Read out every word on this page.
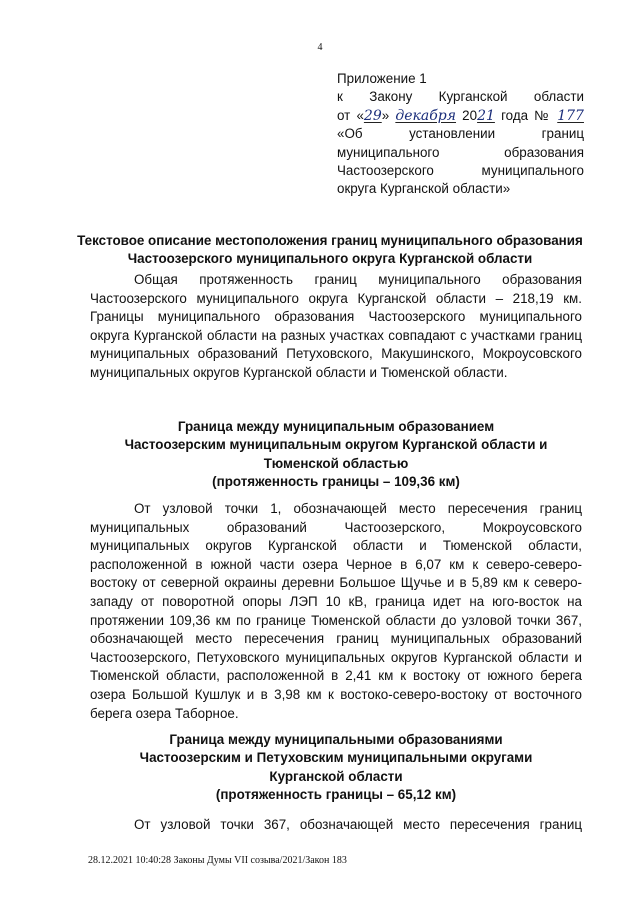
4
Приложение 1
к Закону Курганской области
от «29» декабря 2021 года № 177
«Об установлении границ
муниципального образования
Частоозерского муниципального
округа Курганской области»
Текстовое описание местоположения границ муниципального образования
Частоозерского муниципального округа Курганской области
Общая протяженность границ муниципального образования Частоозерского муниципального округа Курганской области – 218,19 км. Границы муниципального образования Частоозерского муниципального округа Курганской области на разных участках совпадают с участками границ муниципальных образований Петуховского, Макушинского, Мокроусовского муниципальных округов Курганской области и Тюменской области.
Граница между муниципальным образованием
Частоозерским муниципальным округом Курганской области и
Тюменской областью
(протяженность границы – 109,36 км)
От узловой точки 1, обозначающей место пересечения границ муниципальных образований Частоозерского, Мокроусовского муниципальных округов Курганской области и Тюменской области, расположенной в южной части озера Черное в 6,07 км к северо-северо-востоку от северной окраины деревни Большое Щучье и в 5,89 км к северо-западу от поворотной опоры ЛЭП 10 кВ, граница идет на юго-восток на протяжении 109,36 км по границе Тюменской области до узловой точки 367, обозначающей место пересечения границ муниципальных образований Частоозерского, Петуховского муниципальных округов Курганской области и Тюменской области, расположенной в 2,41 км к востоку от южного берега озера Большой Кушлук и в 3,98 км к востоко-северо-востоку от восточного берега озера Таборное.
Граница между муниципальными образованиями
Частоозерским и Петуховским муниципальными округами
Курганской области
(протяженность границы – 65,12 км)
От узловой точки 367, обозначающей место пересечения границ
28.12.2021 10:40:28 Законы Думы VII созыва/2021/Закон 183
